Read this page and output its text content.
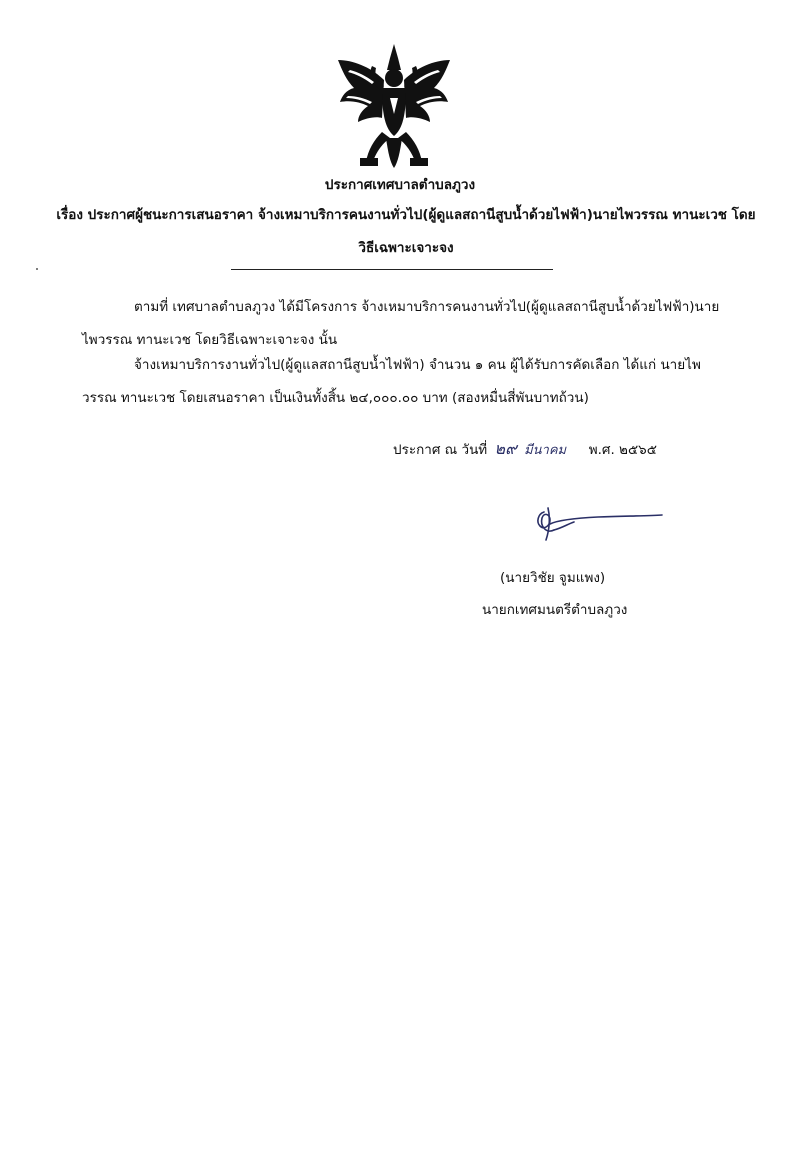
ประกาศเทศบาลตำบลภูวง
เรื่อง ประกาศผู้ชนะการเสนอราคา จ้างเหมาบริการคนงานทั่วไป(ผู้ดูแลสถานีสูบน้ำด้วยไฟฟ้า)นายไพวรรณ ทานะเวช โดยวิธีเฉพาะเจาะจง
ตามที่ เทศบาลตำบลภูวง ได้มีโครงการ จ้างเหมาบริการคนงานทั่วไป(ผู้ดูแลสถานีสูบน้ำด้วยไฟฟ้า)นายไพวรรณ ทานะเวช โดยวิธีเฉพาะเจาะจง นั้น
จ้างเหมาบริการงานทั่วไป(ผู้ดูแลสถานีสูบน้ำไฟฟ้า) จำนวน ๑ คน ผู้ได้รับการคัดเลือก ได้แก่ นายไพวรรณ ทานะเวช โดยเสนอราคา เป็นเงินทั้งสิ้น ๒๔,๐๐๐.๐๐ บาท (สองหมื่นสี่พันบาทถ้วน)
ประกาศ ณ วันที่ ๒๙ มีนาคม พ.ศ. ๒๕๖๕
(นายวิชัย จูมแพง)
นายกเทศมนตรีตำบลภูวง
